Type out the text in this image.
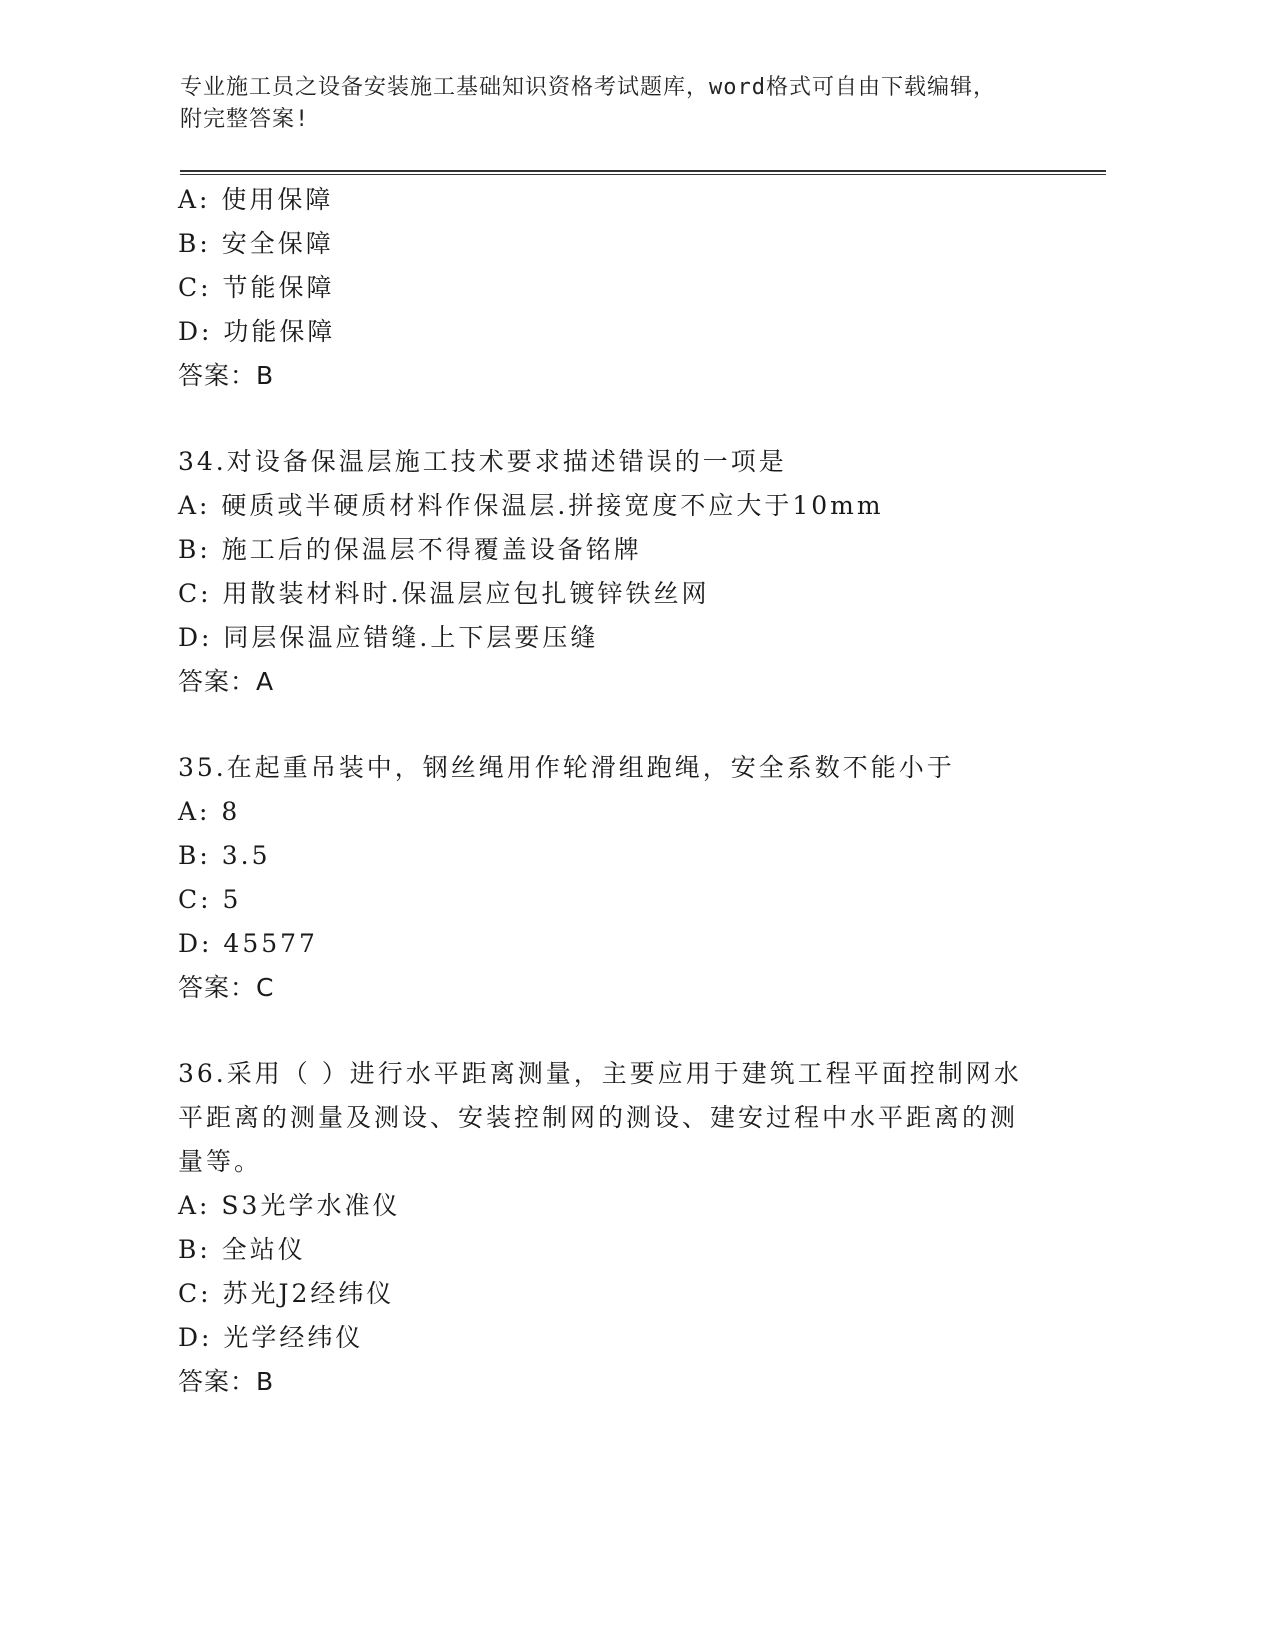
专业施工员之设备安装施工基础知识资格考试题库，word格式可自由下载编辑，
附完整答案!
A: 使用保障
B: 安全保障
C: 节能保障
D: 功能保障
答案：B
34.对设备保温层施工技术要求描述错误的一项是
A: 硬质或半硬质材料作保温层.拼接宽度不应大于10mm
B: 施工后的保温层不得覆盖设备铭牌
C: 用散装材料时.保温层应包扎镀锌铁丝网
D: 同层保温应错缝.上下层要压缝
答案：A
35.在起重吊装中，钢丝绳用作轮滑组跑绳，安全系数不能小于
A: 8
B: 3.5
C: 5
D: 45577
答案：C
36.采用（ ）进行水平距离测量，主要应用于建筑工程平面控制网水
平距离的测量及测设、安装控制网的测设、建安过程中水平距离的测
量等。
A: S3光学水准仪
B: 全站仪
C: 苏光J2经纬仪
D: 光学经纬仪
答案：B
